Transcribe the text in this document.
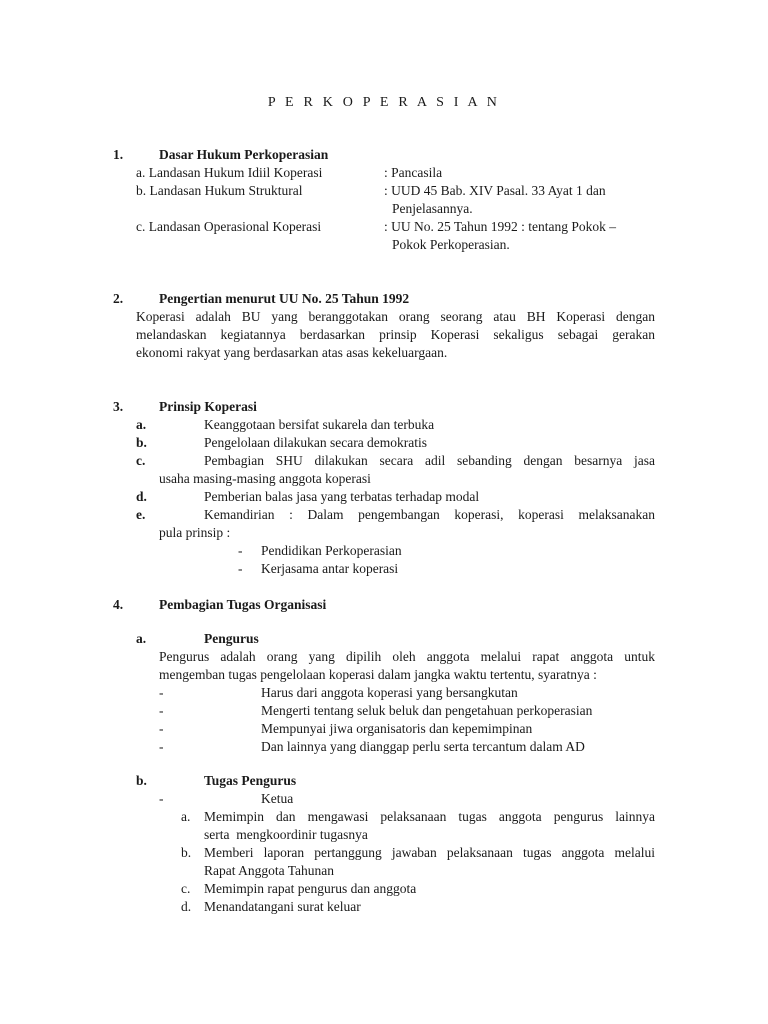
P E R K O P E R A S I A N
1.	Dasar Hukum Perkoperasian
a. Landasan Hukum Idiil Koperasi	: Pancasila
b. Landasan Hukum Struktural	: UUD 45 Bab. XIV Pasal. 33 Ayat 1 dan
Penjelasannya.
c. Landasan Operasional Koperasi	: UU No. 25 Tahun 1992 : tentang Pokok –
Pokok Perkoperasian.
2.	Pengertian menurut UU No. 25 Tahun 1992
Koperasi adalah BU yang beranggotakan orang seorang atau BH Koperasi dengan
melandaskan kegiatannya berdasarkan prinsip Koperasi sekaligus sebagai gerakan
ekonomi rakyat yang berdasarkan atas asas kekeluargaan.
3.	Prinsip Koperasi
a.	Keanggotaan bersifat sukarela dan terbuka
b.	Pengelolaan dilakukan secara demokratis
c.	Pembagian SHU dilakukan secara adil sebanding dengan besarnya jasa
usaha masing-masing anggota koperasi
d.	Pemberian balas jasa yang terbatas terhadap modal
e.	Kemandirian : Dalam pengembangan koperasi, koperasi melaksanakan
pula prinsip :
- Pendidikan Perkoperasian
- Kerjasama antar koperasi
4.	Pembagian Tugas Organisasi
a.	Pengurus
Pengurus adalah orang yang dipilih oleh anggota melalui rapat anggota untuk
mengemban tugas pengelolaan koperasi dalam jangka waktu tertentu, syaratnya :
-	Harus dari anggota koperasi yang bersangkutan
-	Mengerti tentang seluk beluk dan pengetahuan perkoperasian
-	Mempunyai jiwa organisatoris dan kepemimpinan
-	Dan lainnya yang dianggap perlu serta tercantum dalam AD
b.	Tugas Pengurus
-	Ketua
a. Memimpin dan mengawasi pelaksanaan tugas anggota pengurus lainnya
serta  mengkoordinir tugasnya
b. Memberi laporan pertanggung jawaban pelaksanaan tugas anggota melalui
Rapat Anggota Tahunan
c. Memimpin rapat pengurus dan anggota
d. Menandatangani surat keluar
